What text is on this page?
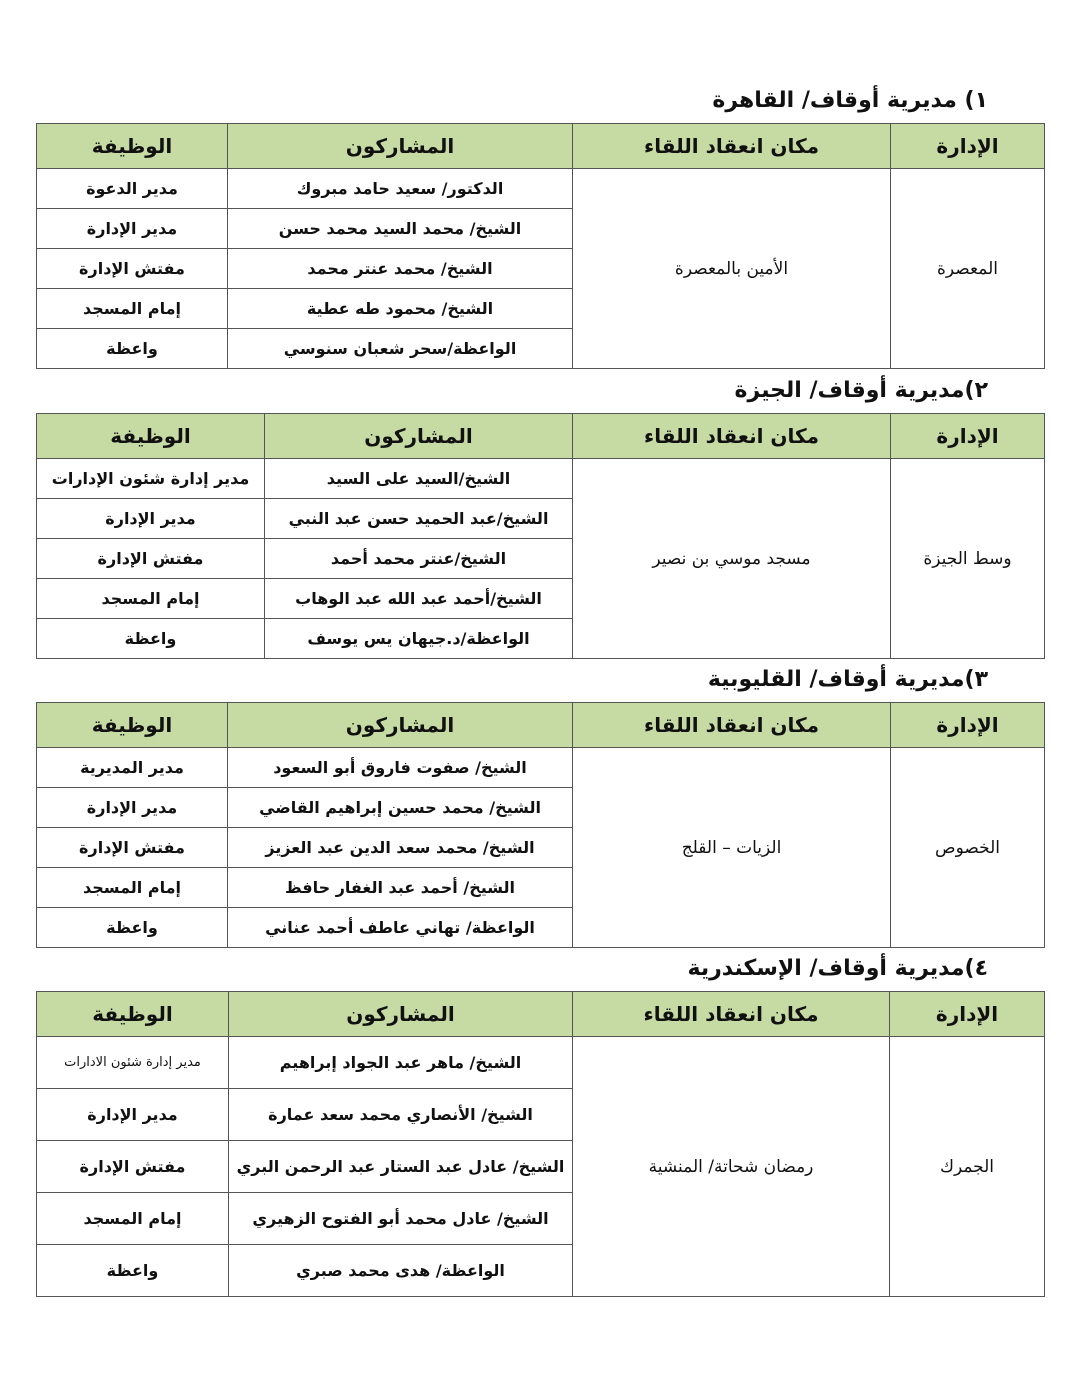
١) مديرية أوقاف/ القاهرة
الإدارة	مكان انعقاد اللقاء	المشاركون	الوظيفة
المعصرة	الأمين بالمعصرة	الدكتور/ سعيد حامد مبروك	مدير الدعوة
		الشيخ/ محمد السيد محمد حسن	مدير الإدارة
		الشيخ/ محمد عنتر محمد	مفتش الإدارة
		الشيخ/ محمود طه عطية	إمام المسجد
		الواعظة/سحر شعبان سنوسي	واعظة
٢)مديرية أوقاف/ الجيزة
الإدارة	مكان انعقاد اللقاء	المشاركون	الوظيفة
وسط الجيزة	مسجد موسي بن نصير	الشيخ/السيد على السيد	مدير إدارة شئون الإدارات
		الشيخ/عبد الحميد حسن عبد النبي	مدير الإدارة
		الشيخ/عنتر محمد أحمد	مفتش الإدارة
		الشيخ/أحمد عبد الله عبد الوهاب	إمام المسجد
		الواعظة/د.جيهان يس يوسف	واعظة
٣)مديرية أوقاف/ القليوبية
الإدارة	مكان انعقاد اللقاء	المشاركون	الوظيفة
الخصوص	الزيات – القلج	الشيخ/ صفوت فاروق أبو السعود	مدير المديرية
		الشيخ/ محمد حسين إبراهيم القاضي	مدير الإدارة
		الشيخ/ محمد سعد الدين عبد العزيز	مفتش الإدارة
		الشيخ/ أحمد عبد الغفار حافظ	إمام المسجد
		الواعظة/ تهاني عاطف أحمد عناني	واعظة
٤)مديرية أوقاف/ الإسكندرية
الإدارة	مكان انعقاد اللقاء	المشاركون	الوظيفة
الجمرك	رمضان شحاتة/ المنشية	الشيخ/ ماهر عبد الجواد إبراهيم	مدير إدارة شئون الادارات
		الشيخ/ الأنصاري محمد سعد عمارة	مدير الإدارة
		الشيخ/ عادل عبد الستار عبد الرحمن البري	مفتش الإدارة
		الشيخ/ عادل محمد أبو الفتوح الزهيري	إمام المسجد
		الواعظة/ هدى محمد صبري	واعظة
